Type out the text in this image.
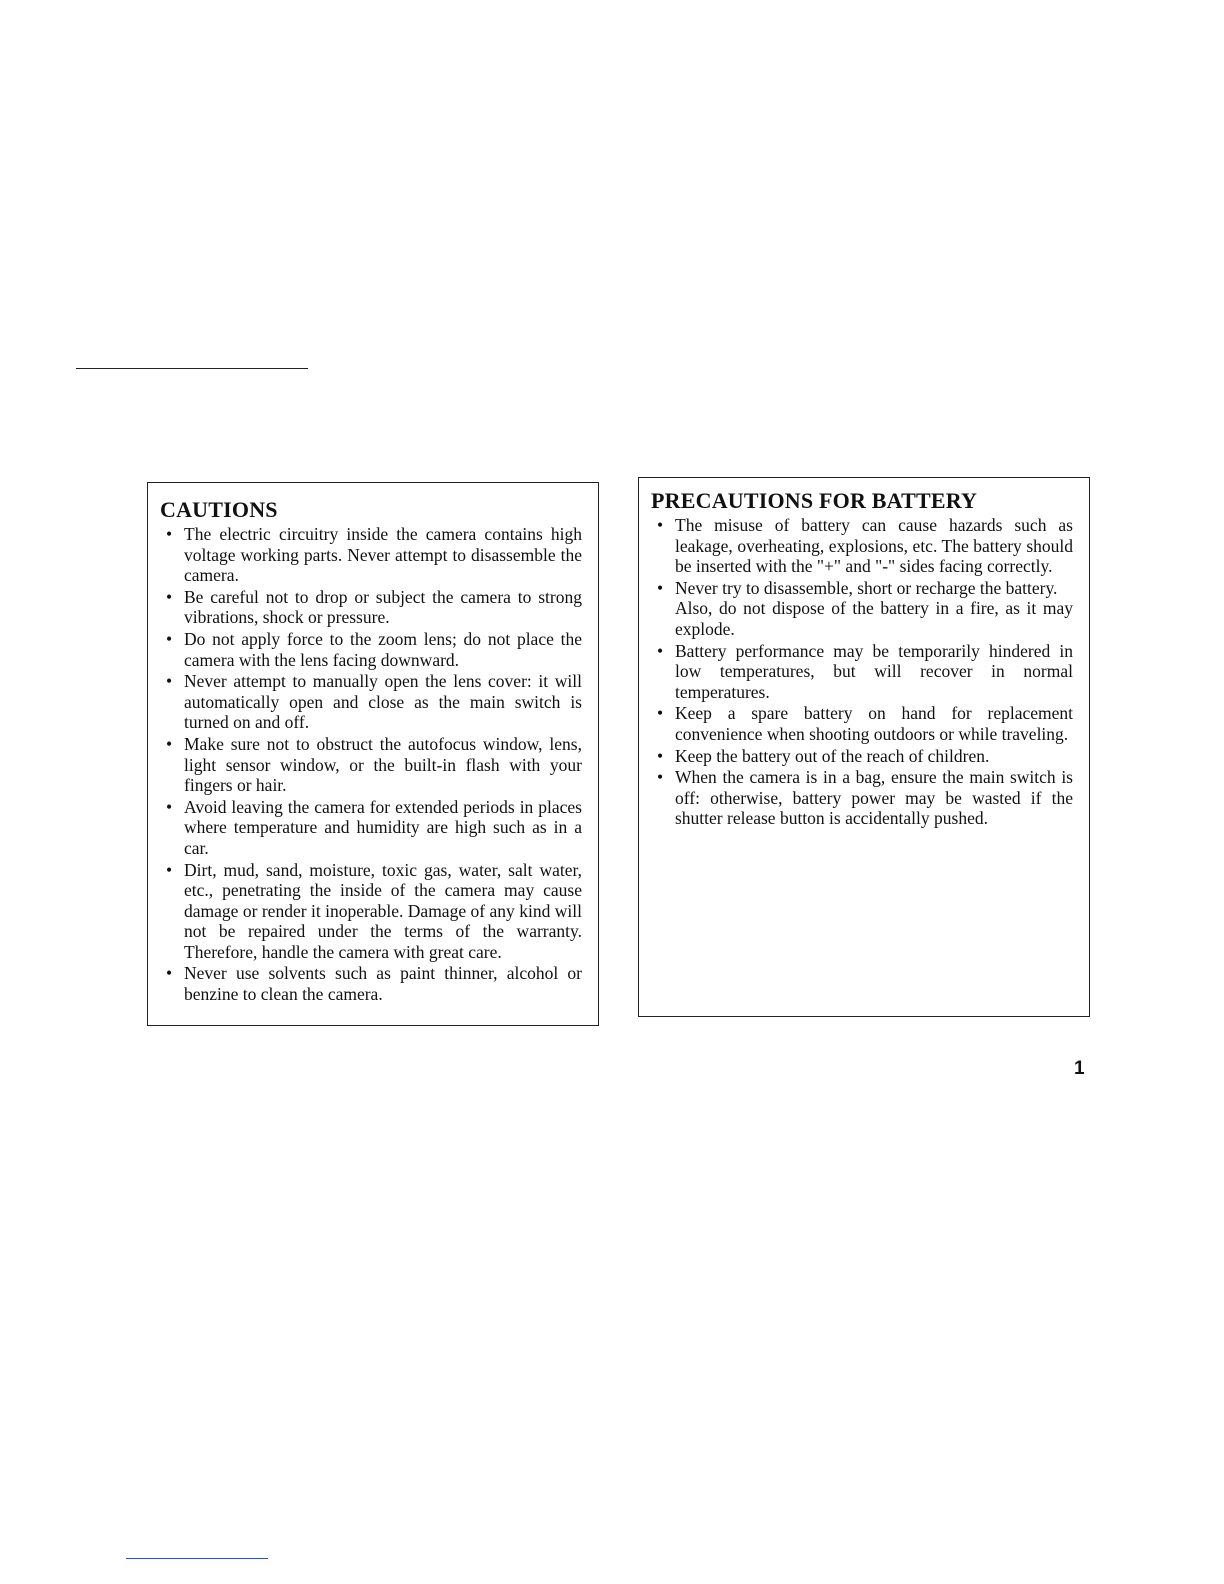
CAUTIONS
• The electric circuitry inside the camera contains high voltage working parts. Never attempt to disassemble the camera.
• Be careful not to drop or subject the camera to strong vibrations, shock or pressure.
• Do not apply force to the zoom lens; do not place the camera with the lens facing downward.
• Never attempt to manually open the lens cover: it will automatically open and close as the main switch is turned on and off.
• Make sure not to obstruct the autofocus window, lens, light sensor window, or the built-in flash with your fingers or hair.
• Avoid leaving the camera for extended periods in places where temperature and humidity are high such as in a car.
• Dirt, mud, sand, moisture, toxic gas, water, salt water, etc., penetrating the inside of the camera may cause damage or render it inoperable. Damage of any kind will not be repaired under the terms of the warranty. Therefore, handle the camera with great care.
• Never use solvents such as paint thinner, alcohol or benzine to clean the camera.
PRECAUTIONS FOR BATTERY
• The misuse of battery can cause hazards such as leakage, overheating, explosions, etc. The battery should be inserted with the "+" and "-" sides facing correctly.
• Never try to disassemble, short or recharge the battery.
Also, do not dispose of the battery in a fire, as it may explode.
• Battery performance may be temporarily hindered in low temperatures, but will recover in normal temperatures.
• Keep a spare battery on hand for replacement convenience when shooting outdoors or while traveling.
• Keep the battery out of the reach of children.
• When the camera is in a bag, ensure the main switch is off: otherwise, battery power may be wasted if the shutter release button is accidentally pushed.
1
